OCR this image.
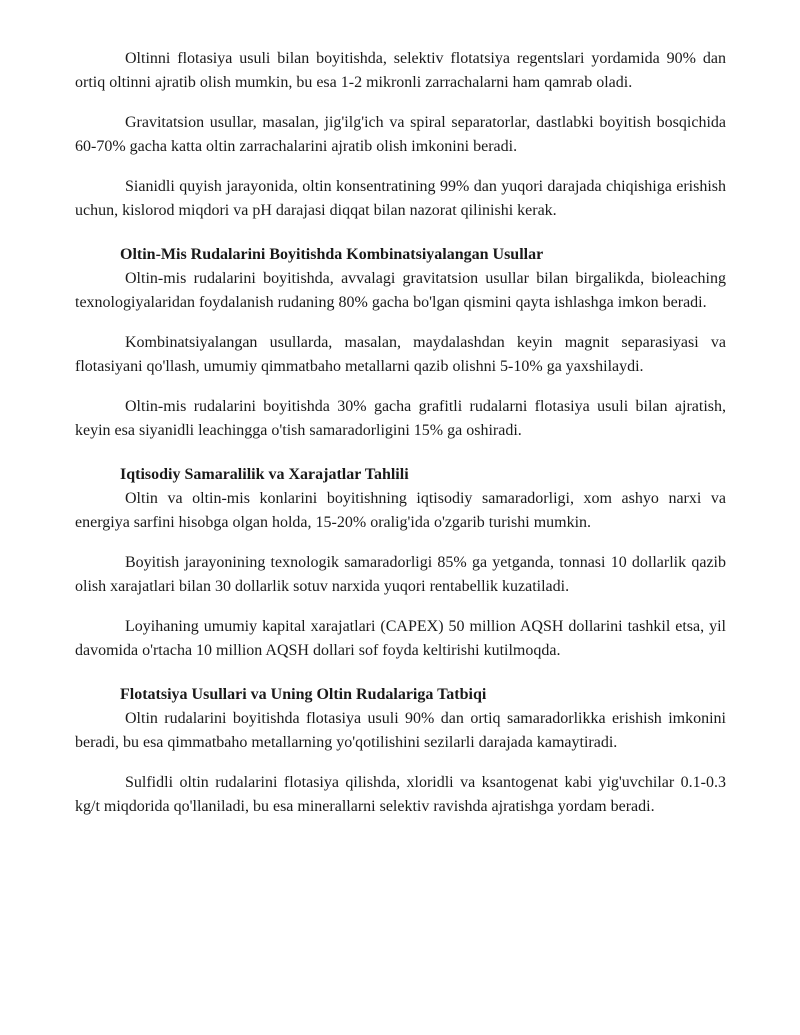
Oltinni flotasiya usuli bilan boyitishda, selektiv flotatsiya regentslari yordamida 90% dan ortiq oltinni ajratib olish mumkin, bu esa 1-2 mikronli zarrachalarni ham qamrab oladi.

Gravitatsion usullar, masalan, jig'ilg'ich va spiral separatorlar, dastlabki boyitish bosqichida 60-70% gacha katta oltin zarrachalarini ajratib olish imkonini beradi.

Sianidli quyish jarayonida, oltin konsentratining 99% dan yuqori darajada chiqishiga erishish uchun, kislorod miqdori va pH darajasi diqqat bilan nazorat qilinishi kerak.

Oltin-Mis Rudalarini Boyitishda Kombinatsiyalangan Usullar

Oltin-mis rudalarini boyitishda, avvalagi gravitatsion usullar bilan birgalikda, bioleaching texnologiyalaridan foydalanish rudaning 80% gacha bo'lgan qismini qayta ishlashga imkon beradi.

Kombinatsiyalangan usullarda, masalan, maydalashdan keyin magnit separasiyasi va flotasiyani qo'llash, umumiy qimmatbaho metallarni qazib olishni 5-10% ga yaxshilaydi.

Oltin-mis rudalarini boyitishda 30% gacha grafitli rudalarni flotasiya usuli bilan ajratish, keyin esa siyanidli leachingga o'tish samaradorligini 15% ga oshiradi.

Iqtisodiy Samaralilik va Xarajatlar Tahlili

Oltin va oltin-mis konlarini boyitishning iqtisodiy samaradorligi, xom ashyo narxi va energiya sarfini hisobga olgan holda, 15-20% oralig'ida o'zgarib turishi mumkin.

Boyitish jarayonining texnologik samaradorligi 85% ga yetganda, tonnasi 10 dollarlik qazib olish xarajatlari bilan 30 dollarlik sotuv narxida yuqori rentabellik kuzatiladi.

Loyihaning umumiy kapital xarajatlari (CAPEX) 50 million AQSH dollarini tashkil etsa, yil davomida o'rtacha 10 million AQSH dollari sof foyda keltirishi kutilmoqda.

Flotatsiya Usullari va Uning Oltin Rudalariga Tatbiqi

Oltin rudalarini boyitishda flotasiya usuli 90% dan ortiq samaradorlikka erishish imkonini beradi, bu esa qimmatbaho metallarning yo'qotilishini sezilarli darajada kamaytiradi.

Sulfidli oltin rudalarini flotasiya qilishda, xloridli va ksantogenat kabi yig'uvchilar 0.1-0.3 kg/t miqdorida qo'llaniladi, bu esa minerallarni selektiv ravishda ajratishga yordam beradi.
